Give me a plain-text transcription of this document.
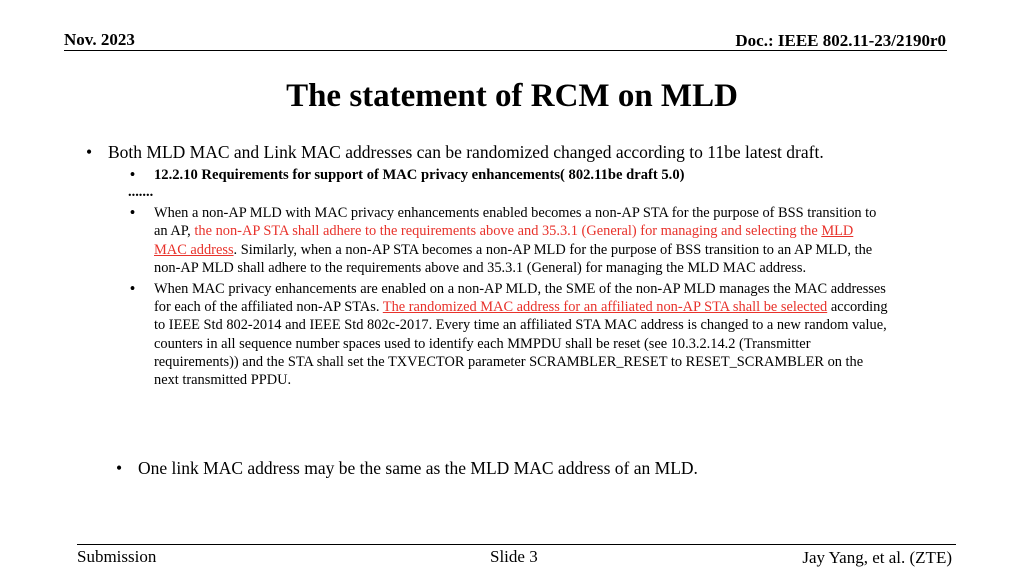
Nov. 2023	Doc.: IEEE 802.11-23/2190r0
The statement of RCM on MLD
• Both MLD MAC and Link MAC addresses can be randomized changed according to 11be latest draft.
• 12.2.10 Requirements for support of MAC privacy enhancements( 802.11be draft 5.0)
.......
• When a non-AP MLD with MAC privacy enhancements enabled becomes a non-AP STA for the purpose of BSS transition to an AP, the non-AP STA shall adhere to the requirements above and 35.3.1 (General) for managing and selecting the MLD MAC address. Similarly, when a non-AP STA becomes a non-AP MLD for the purpose of BSS transition to an AP MLD, the non-AP MLD shall adhere to the requirements above and 35.3.1 (General) for managing the MLD MAC address.
• When MAC privacy enhancements are enabled on a non-AP MLD, the SME of the non-AP MLD manages the MAC addresses for each of the affiliated non-AP STAs. The randomized MAC address for an affiliated non-AP STA shall be selected according to IEEE Std 802-2014 and IEEE Std 802c-2017. Every time an affiliated STA MAC address is changed to a new random value, counters in all sequence number spaces used to identify each MMPDU shall be reset (see 10.3.2.14.2 (Transmitter requirements)) and the STA shall set the TXVECTOR parameter SCRAMBLER_RESET to RESET_SCRAMBLER on the next transmitted PPDU.
• One link MAC address may be the same as the MLD MAC address of an MLD.
Submission	Slide 3	Jay Yang, et al. (ZTE)
